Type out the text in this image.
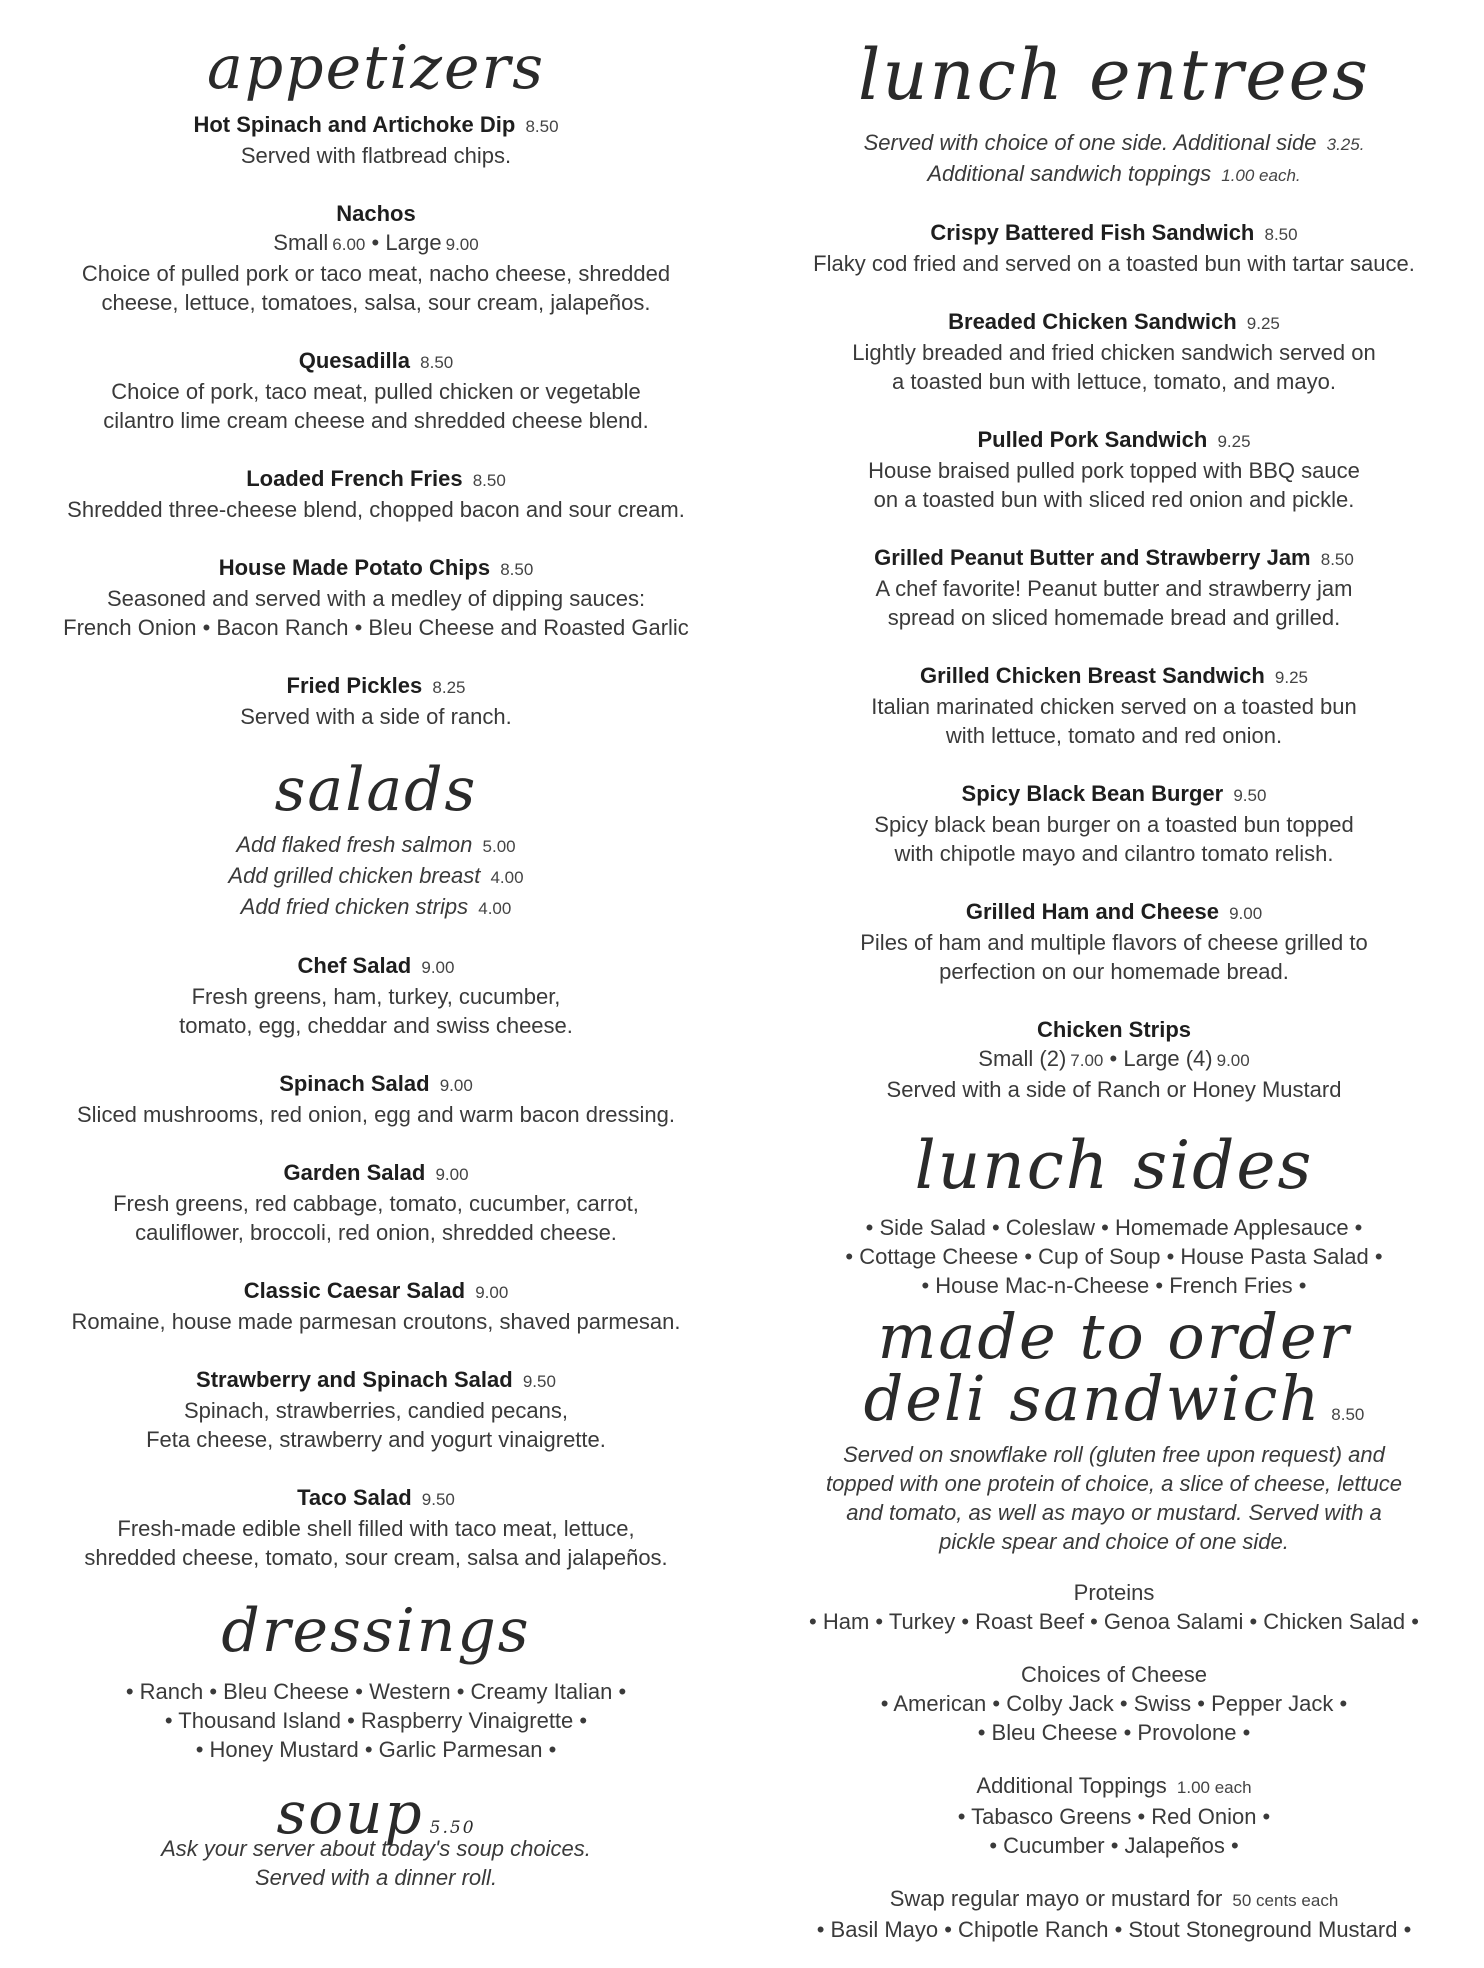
appetizers
Hot Spinach and Artichoke Dip 8.50
Served with flatbread chips.
Nachos
Small 6.00 • Large 9.00
Choice of pulled pork or taco meat, nacho cheese, shredded
cheese, lettuce, tomatoes, salsa, sour cream, jalapeños.
Quesadilla 8.50
Choice of pork, taco meat, pulled chicken or vegetable
cilantro lime cream cheese and shredded cheese blend.
Loaded French Fries 8.50
Shredded three-cheese blend, chopped bacon and sour cream.
House Made Potato Chips 8.50
Seasoned and served with a medley of dipping sauces:
French Onion • Bacon Ranch • Bleu Cheese and Roasted Garlic
Fried Pickles 8.25
Served with a side of ranch.
salads
Add flaked fresh salmon 5.00
Add grilled chicken breast 4.00
Add fried chicken strips 4.00
Chef Salad 9.00
Fresh greens, ham, turkey, cucumber,
tomato, egg, cheddar and swiss cheese.
Spinach Salad 9.00
Sliced mushrooms, red onion, egg and warm bacon dressing.
Garden Salad 9.00
Fresh greens, red cabbage, tomato, cucumber, carrot,
cauliflower, broccoli, red onion, shredded cheese.
Classic Caesar Salad 9.00
Romaine, house made parmesan croutons, shaved parmesan.
Strawberry and Spinach Salad 9.50
Spinach, strawberries, candied pecans,
Feta cheese, strawberry and yogurt vinaigrette.
Taco Salad 9.50
Fresh-made edible shell filled with taco meat, lettuce,
shredded cheese, tomato, sour cream, salsa and jalapeños.
dressings
• Ranch • Bleu Cheese • Western • Creamy Italian •
• Thousand Island • Raspberry Vinaigrette •
• Honey Mustard • Garlic Parmesan •
soup 5.50
Ask your server about today's soup choices.
Served with a dinner roll.
lunch entrees
Served with choice of one side. Additional side 3.25.
Additional sandwich toppings 1.00 each.
Crispy Battered Fish Sandwich 8.50
Flaky cod fried and served on a toasted bun with tartar sauce.
Breaded Chicken Sandwich 9.25
Lightly breaded and fried chicken sandwich served on
a toasted bun with lettuce, tomato, and mayo.
Pulled Pork Sandwich 9.25
House braised pulled pork topped with BBQ sauce
on a toasted bun with sliced red onion and pickle.
Grilled Peanut Butter and Strawberry Jam 8.50
A chef favorite! Peanut butter and strawberry jam
spread on sliced homemade bread and grilled.
Grilled Chicken Breast Sandwich 9.25
Italian marinated chicken served on a toasted bun
with lettuce, tomato and red onion.
Spicy Black Bean Burger 9.50
Spicy black bean burger on a toasted bun topped
with chipotle mayo and cilantro tomato relish.
Grilled Ham and Cheese 9.00
Piles of ham and multiple flavors of cheese grilled to
perfection on our homemade bread.
Chicken Strips
Small (2) 7.00 • Large (4) 9.00
Served with a side of Ranch or Honey Mustard
lunch sides
• Side Salad • Coleslaw • Homemade Applesauce •
• Cottage Cheese • Cup of Soup • House Pasta Salad •
• House Mac-n-Cheese • French Fries •
made to order
deli sandwich 8.50
Served on snowflake roll (gluten free upon request) and
topped with one protein of choice, a slice of cheese, lettuce
and tomato, as well as mayo or mustard. Served with a
pickle spear and choice of one side.
Proteins
• Ham • Turkey • Roast Beef • Genoa Salami • Chicken Salad •
Choices of Cheese
• American • Colby Jack • Swiss • Pepper Jack •
• Bleu Cheese • Provolone •
Additional Toppings 1.00 each
• Tabasco Greens • Red Onion •
• Cucumber • Jalapeños •
Swap regular mayo or mustard for 50 cents each
• Basil Mayo • Chipotle Ranch • Stout Stoneground Mustard •
